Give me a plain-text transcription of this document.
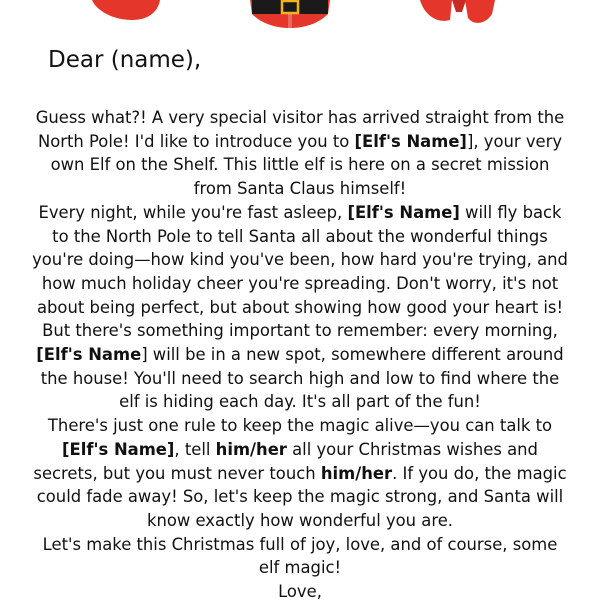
Dear (name),

Guess what?! A very special visitor has arrived straight from the North Pole! I'd like to introduce you to [Elf's Name]], your very own Elf on the Shelf. This little elf is here on a secret mission from Santa Claus himself!

Every night, while you're fast asleep, [Elf's Name] will fly back to the North Pole to tell Santa all about the wonderful things you're doing—how kind you've been, how hard you're trying, and how much holiday cheer you're spreading. Don't worry, it's not about being perfect, but about showing how good your heart is!

But there's something important to remember: every morning, [Elf's Name] will be in a new spot, somewhere different around the house! You'll need to search high and low to find where the elf is hiding each day. It's all part of the fun!

There's just one rule to keep the magic alive—you can talk to [Elf's Name], tell him/her all your Christmas wishes and secrets, but you must never touch him/her. If you do, the magic could fade away! So, let's keep the magic strong, and Santa will know exactly how wonderful you are.

Let's make this Christmas full of joy, love, and of course, some elf magic!

Love,
